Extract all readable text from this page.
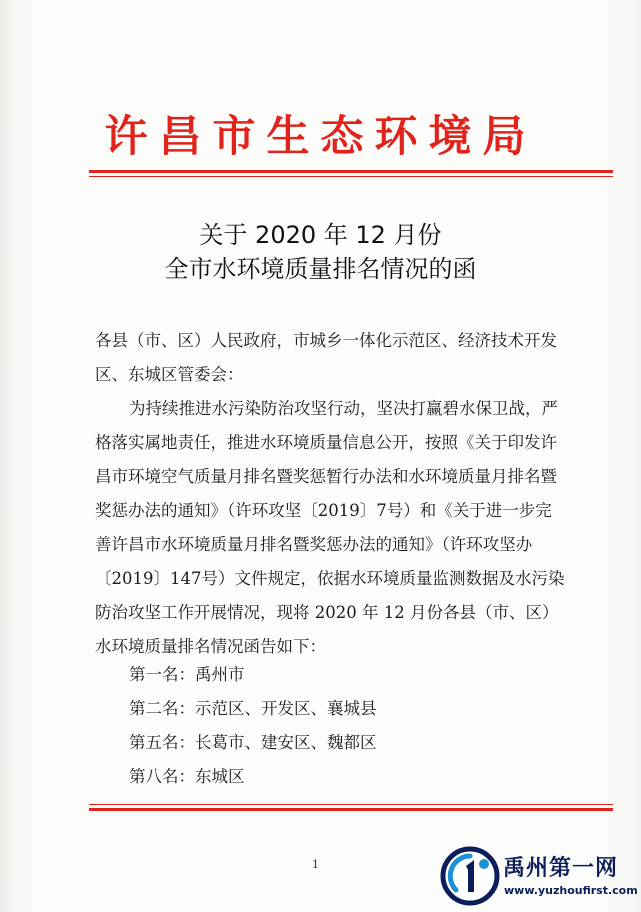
许昌市生态环境局
关于 2020 年 12 月份
全市水环境质量排名情况的函
各县（市、区）人民政府，市城乡一体化示范区、经济技术开发区、东城区管委会：
为持续推进水污染防治攻坚行动，坚决打赢碧水保卫战，严格落实属地责任，推进水环境质量信息公开，按照《关于印发许昌市环境空气质量月排名暨奖惩暂行办法和水环境质量月排名暨奖惩办法的通知》（许环攻坚〔2019〕7号）和《关于进一步完善许昌市水环境质量月排名暨奖惩办法的通知》（许环攻坚办〔2019〕147号）文件规定，依据水环境质量监测数据及水污染防治攻坚工作开展情况，现将 2020 年 12 月份各县（市、区）水环境质量排名情况函告如下：
第一名：禹州市
第二名：示范区、开发区、襄城县
第五名：长葛市、建安区、魏都区
第八名：东城区
1	禹州第一网
www.yuzhoufirst.com
